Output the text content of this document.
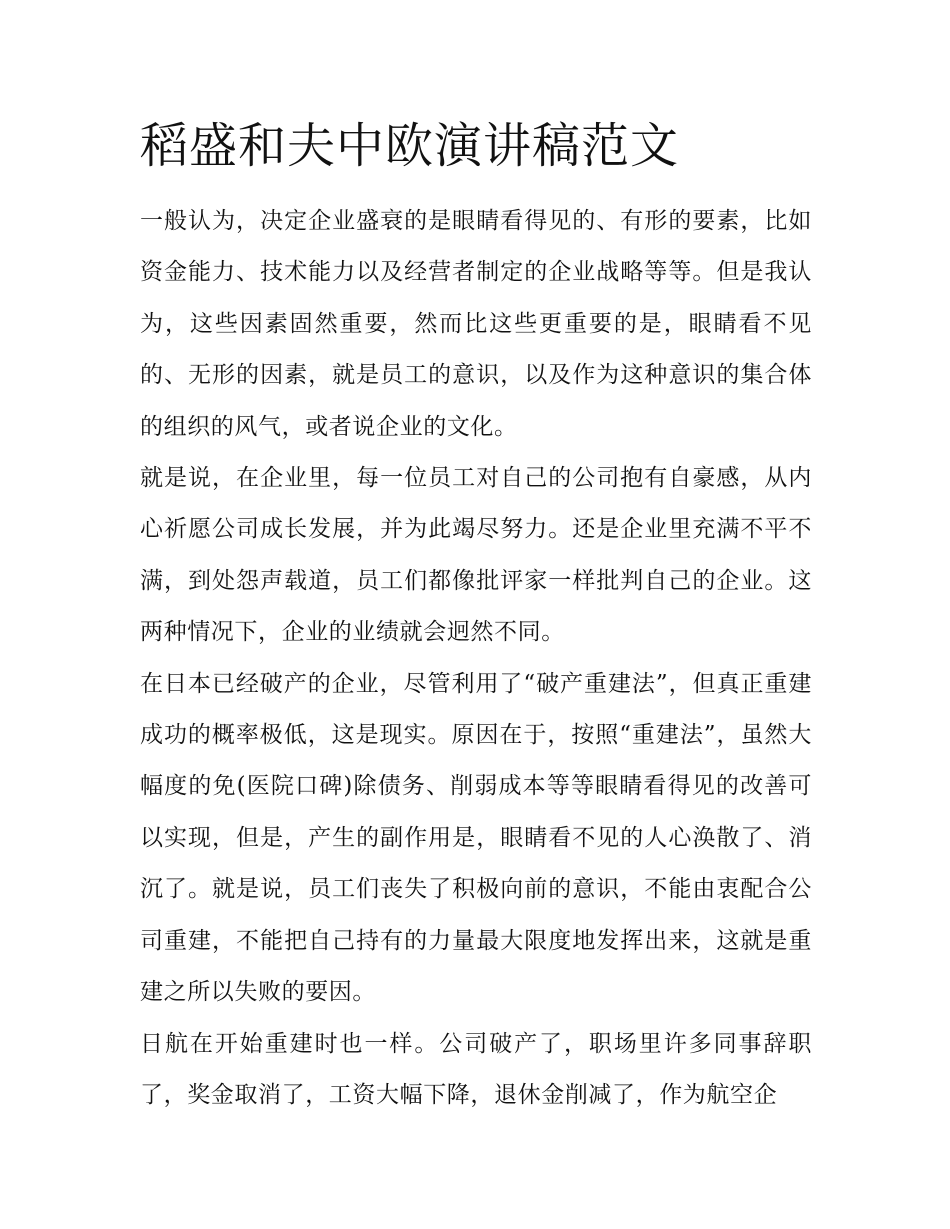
稻盛和夫中欧演讲稿范文

一般认为，决定企业盛衰的是眼睛看得见的、有形的要素，比如资金能力、技术能力以及经营者制定的企业战略等等。但是我认为，这些因素固然重要，然而比这些更重要的是，眼睛看不见的、无形的因素，就是员工的意识，以及作为这种意识的集合体的组织的风气，或者说企业的文化。

就是说，在企业里，每一位员工对自己的公司抱有自豪感，从内心祈愿公司成长发展，并为此竭尽努力。还是企业里充满不平不满，到处怨声载道，员工们都像批评家一样批判自己的企业。这两种情况下，企业的业绩就会迥然不同。

在日本已经破产的企业，尽管利用了“破产重建法”，但真正重建成功的概率极低，这是现实。原因在于，按照“重建法”，虽然大幅度的免(医院口碑)除债务、削弱成本等等眼睛看得见的改善可以实现，但是，产生的副作用是，眼睛看不见的人心涣散了、消沉了。就是说，员工们丧失了积极向前的意识，不能由衷配合公司重建，不能把自己持有的力量最大限度地发挥出来，这就是重建之所以失败的要因。

日航在开始重建时也一样。公司破产了，职场里许多同事辞职了，奖金取消了，工资大幅下降，退休金削减了，作为航空企
